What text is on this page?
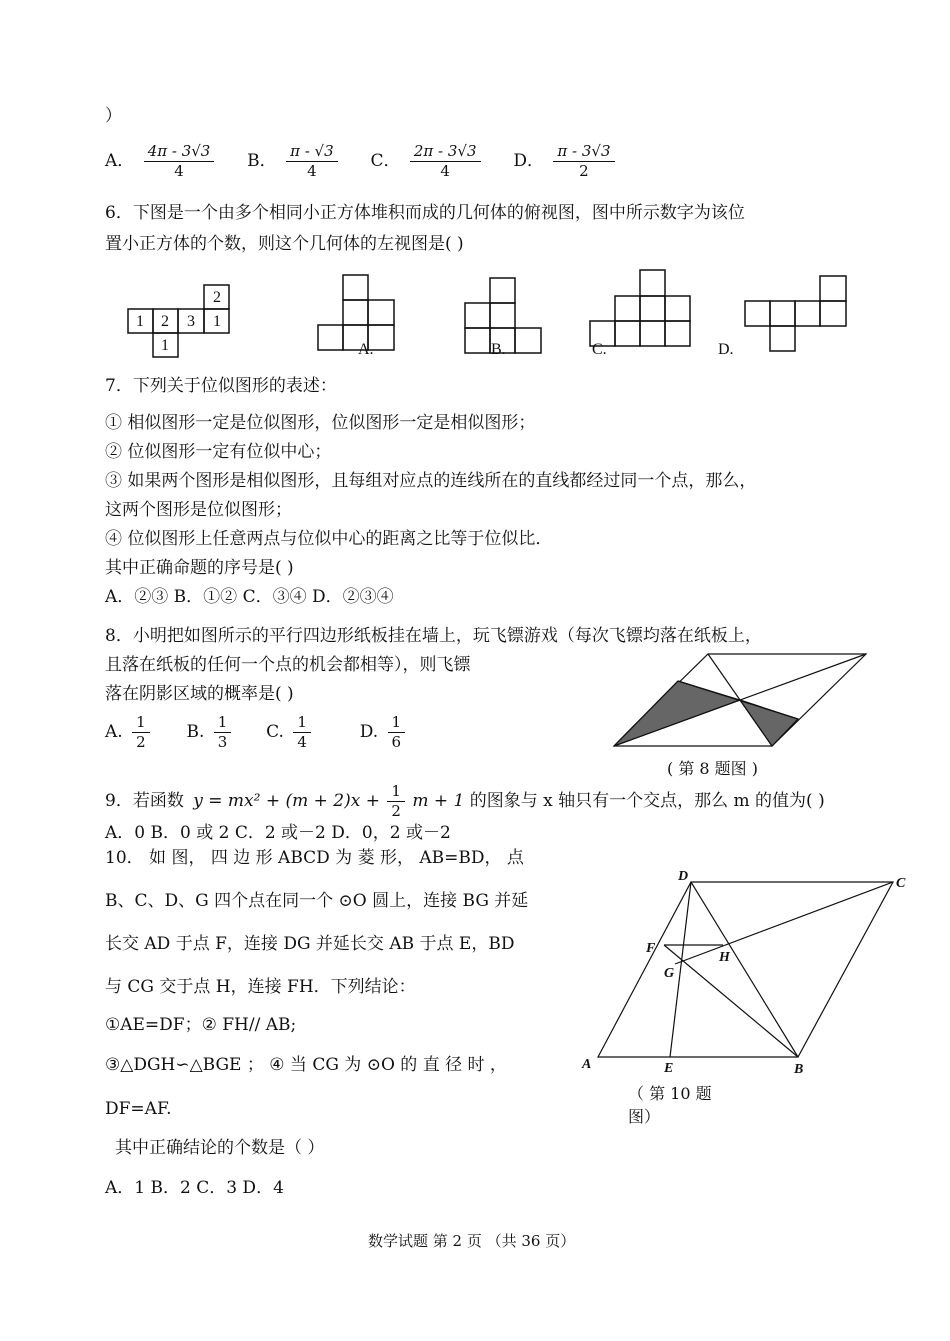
）
A． $\frac{4\pi - 3√3}{4}$ B． $\frac{\pi - √3}{4}$ C． $\frac{2\pi - 3√3}{4}$ D． $\frac{\pi - 3√3}{2}$
6．下图是一个由多个相同小正方体堆积而成的几何体的俯视图，图中所示数字为该位
置小正方体的个数，则这个几何体的左视图是( )
2
1 2 3 1
1	A.	B.	C.	D.
7．下列关于位似图形的表述：
① 相似图形一定是位似图形，位似图形一定是相似图形；
② 位似图形一定有位似中心；
③ 如果两个图形是相似图形，且每组对应点的连线所在的直线都经过同一个点，那么，
这两个图形是位似图形；
④ 位似图形上任意两点与位似中心的距离之比等于位似比．
其中正确命题的序号是( )
A．②③ B．①② C．③④ D．②③④
8．小明把如图所示的平行四边形纸板挂在墙上，玩飞镖游戏（每次飞镖均落在纸板上，
且落在纸板的任何一个点的机会都相等），则飞镖
落在阴影区域的概率是( )
A. $\frac{1}{2} B$. $\frac{1}{3} C$. $\frac{1}{4}$	D. $\frac{1}{6}$
( 第 8 题图 )
9．若函数 $y = mx^2 + (m + 2)x + \frac{1}{2}$ m + 1 的图象与 x 轴只有一个交点，那么 m 的值为( )
A．0 B．0 或 2 C．2 或－2 D．0，2 或－2
10． 如 图， 四 边 形 ABCD 为 菱 形， AB=BD， 点
B、C、D、G 四个点在同一个 ⊙O 圆上，连接 BG 并延
长交 AD 于点 F，连接 DG 并延长交 AB 于点 E，BD
与 CG 交于点 H，连接 FH．下列结论：
①AE=DF；② FH// AB;
③△DGH∽△BGE ； ④ 当 CG 为 ⊙O 的 直 径 时 ，
DF=AF.
其中正确结论的个数是（ ）
A．1 B．2 C．3 D．4
D	C
F
H
G
A	E	B
（ 第 10 题
图）
数学试题 第 2 页 （共 36 页）
